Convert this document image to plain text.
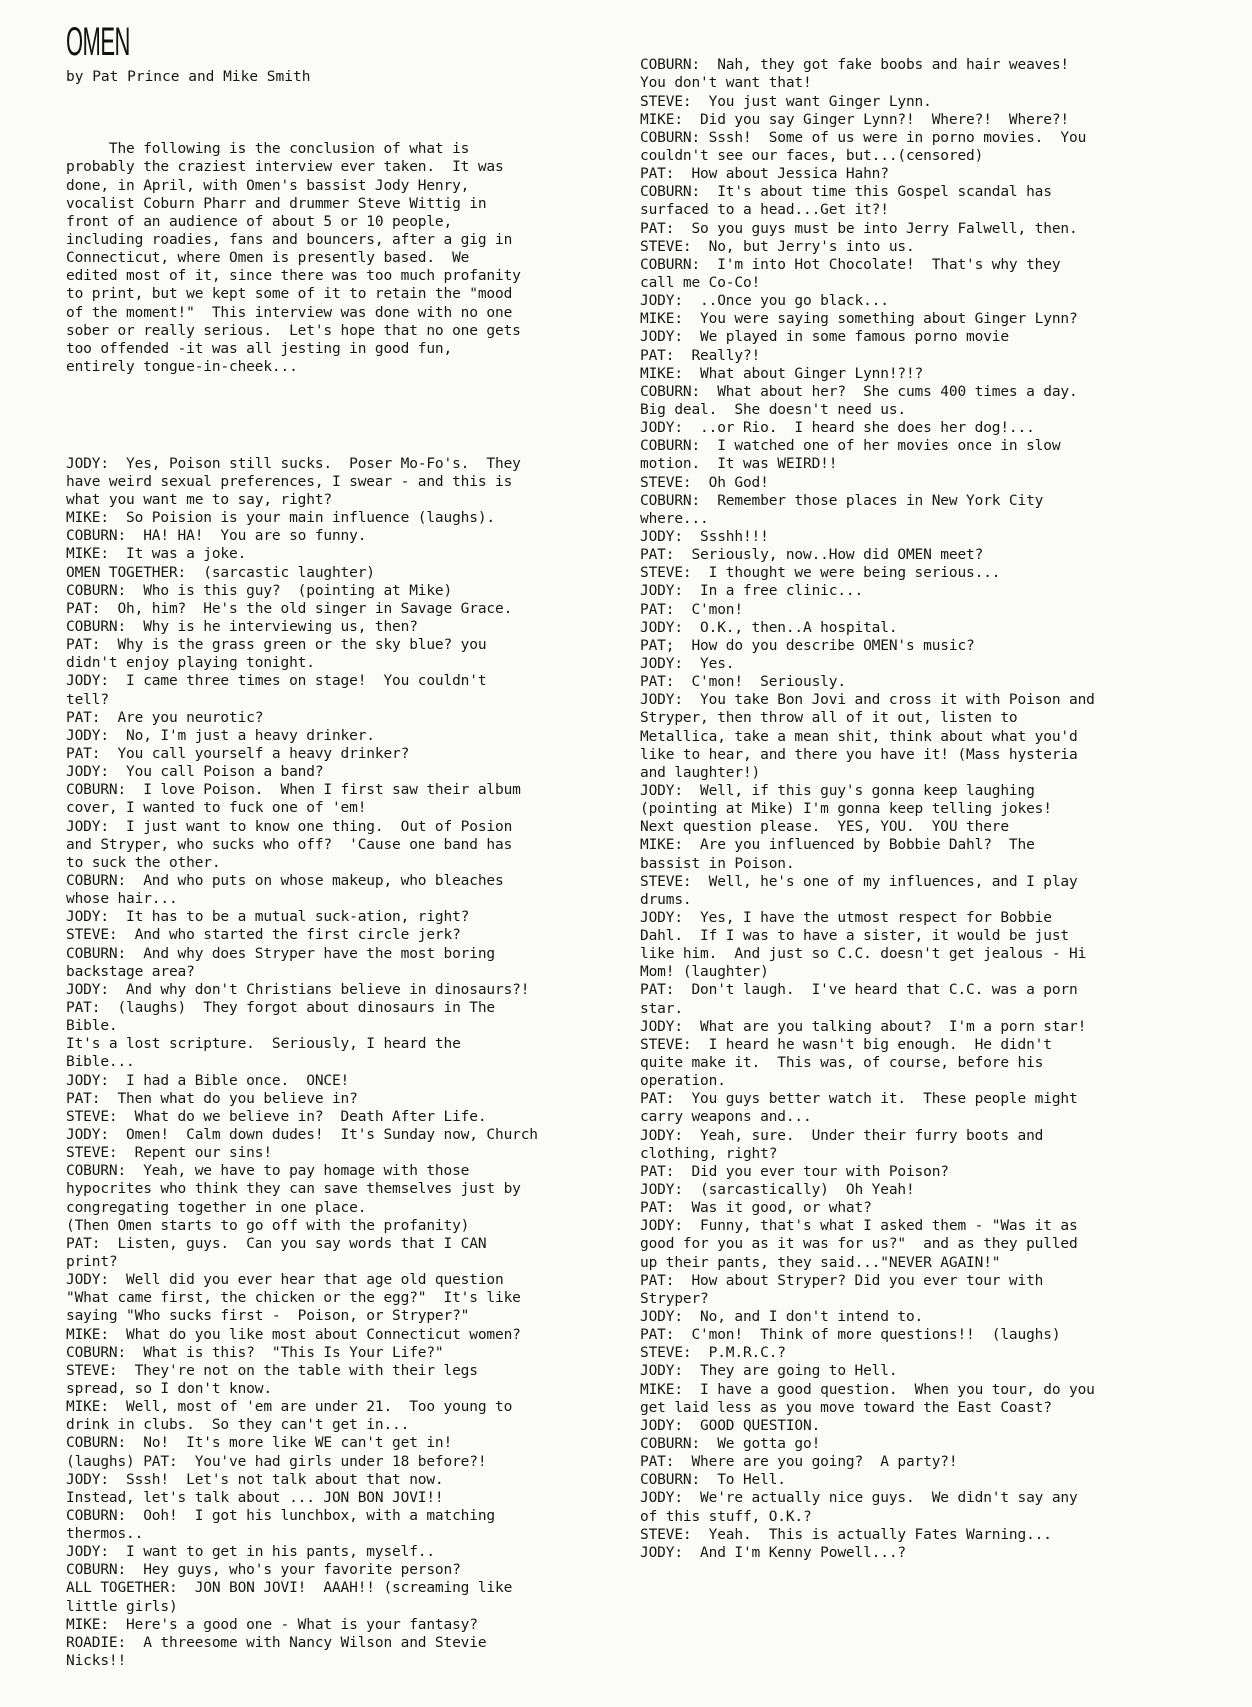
OMEN
by Pat Prince and Mike Smith

The following is the conclusion of what is
probably the craziest interview ever taken.  It was
done, in April, with Omen's bassist Jody Henry,
vocalist Coburn Pharr and drummer Steve Wittig in
front of an audience of about 5 or 10 people,
including roadies, fans and bouncers, after a gig in
Connecticut, where Omen is presently based.  We
edited most of it, since there was too much profanity
to print, but we kept some of it to retain the "mood
of the moment!"  This interview was done with no one
sober or really serious.  Let's hope that no one gets
too offended -it was all jesting in good fun,
entirely tongue-in-cheek...

JODY:  Yes, Poison still sucks.  Poser Mo-Fo's.  They
have weird sexual preferences, I swear - and this is
what you want me to say, right?
MIKE:  So Poision is your main influence (laughs).
COBURN:  HA! HA!  You are so funny.
MIKE:  It was a joke.
OMEN TOGETHER:  (sarcastic laughter)
COBURN:  Who is this guy?  (pointing at Mike)
PAT:  Oh, him?  He's the old singer in Savage Grace.
COBURN:  Why is he interviewing us, then?
PAT:  Why is the grass green or the sky blue? you
didn't enjoy playing tonight.
JODY:  I came three times on stage!  You couldn't
tell?
PAT:  Are you neurotic?
JODY:  No, I'm just a heavy drinker.
PAT:  You call yourself a heavy drinker?
JODY:  You call Poison a band?
COBURN:  I love Poison.  When I first saw their album
cover, I wanted to fuck one of 'em!
JODY:  I just want to know one thing.  Out of Posion
and Stryper, who sucks who off?  'Cause one band has
to suck the other.
COBURN:  And who puts on whose makeup, who bleaches
whose hair...
JODY:  It has to be a mutual suck-ation, right?
STEVE:  And who started the first circle jerk?
COBURN:  And why does Stryper have the most boring
backstage area?
JODY:  And why don't Christians believe in dinosaurs?!
PAT:  (laughs)  They forgot about dinosaurs in The
Bible.
It's a lost scripture.  Seriously, I heard the
Bible...
JODY:  I had a Bible once.  ONCE!
PAT:  Then what do you believe in?
STEVE:  What do we believe in?  Death After Life.
JODY:  Omen!  Calm down dudes!  It's Sunday now, Church
STEVE:  Repent our sins!
COBURN:  Yeah, we have to pay homage with those
hypocrites who think they can save themselves just by
congregating together in one place.
(Then Omen starts to go off with the profanity)
PAT:  Listen, guys.  Can you say words that I CAN
print?
JODY:  Well did you ever hear that age old question
"What came first, the chicken or the egg?"  It's like
saying "Who sucks first -  Poison, or Stryper?"
MIKE:  What do you like most about Connecticut women?
COBURN:  What is this?  "This Is Your Life?"
STEVE:  They're not on the table with their legs
spread, so I don't know.
MIKE:  Well, most of 'em are under 21.  Too young to
drink in clubs.  So they can't get in...
COBURN:  No!  It's more like WE can't get in!
(laughs) PAT:  You've had girls under 18 before?!
JODY:  Sssh!  Let's not talk about that now.
Instead, let's talk about ... JON BON JOVI!!
COBURN:  Ooh!  I got his lunchbox, with a matching
thermos..
JODY:  I want to get in his pants, myself..
COBURN:  Hey guys, who's your favorite person?
ALL TOGETHER:  JON BON JOVI!  AAAH!! (screaming like
little girls)
MIKE:  Here's a good one - What is your fantasy?
ROADIE:  A threesome with Nancy Wilson and Stevie
Nicks!!

COBURN:  Nah, they got fake boobs and hair weaves!
You don't want that!
STEVE:  You just want Ginger Lynn.
MIKE:  Did you say Ginger Lynn?!  Where?!  Where?!
COBURN: Sssh!  Some of us were in porno movies.  You
couldn't see our faces, but...(censored)
PAT:  How about Jessica Hahn?
COBURN:  It's about time this Gospel scandal has
surfaced to a head...Get it?!
PAT:  So you guys must be into Jerry Falwell, then.
STEVE:  No, but Jerry's into us.
COBURN:  I'm into Hot Chocolate!  That's why they
call me Co-Co!
JODY:  ..Once you go black...
MIKE:  You were saying something about Ginger Lynn?
JODY:  We played in some famous porno movie
PAT:  Really?!
MIKE:  What about Ginger Lynn!?!?
COBURN:  What about her?  She cums 400 times a day.
Big deal.  She doesn't need us.
JODY:  ..or Rio.  I heard she does her dog!...
COBURN:  I watched one of her movies once in slow
motion.  It was WEIRD!!
STEVE:  Oh God!
COBURN:  Remember those places in New York City
where...
JODY:  Ssshh!!!
PAT:  Seriously, now..How did OMEN meet?
STEVE:  I thought we were being serious...
JODY:  In a free clinic...
PAT:  C'mon!
JODY:  O.K., then..A hospital.
PAT;  How do you describe OMEN's music?
JODY:  Yes.
PAT:  C'mon!  Seriously.
JODY:  You take Bon Jovi and cross it with Poison and
Stryper, then throw all of it out, listen to
Metallica, take a mean shit, think about what you'd
like to hear, and there you have it! (Mass hysteria
and laughter!)
JODY:  Well, if this guy's gonna keep laughing
(pointing at Mike) I'm gonna keep telling jokes!
Next question please.  YES, YOU.  YOU there
MIKE:  Are you influenced by Bobbie Dahl?  The
bassist in Poison.
STEVE:  Well, he's one of my influences, and I play
drums.
JODY:  Yes, I have the utmost respect for Bobbie
Dahl.  If I was to have a sister, it would be just
like him.  And just so C.C. doesn't get jealous - Hi
Mom! (laughter)
PAT:  Don't laugh.  I've heard that C.C. was a porn
star.
JODY:  What are you talking about?  I'm a porn star!
STEVE:  I heard he wasn't big enough.  He didn't
quite make it.  This was, of course, before his
operation.
PAT:  You guys better watch it.  These people might
carry weapons and...
JODY:  Yeah, sure.  Under their furry boots and
clothing, right?
PAT:  Did you ever tour with Poison?
JODY:  (sarcastically)  Oh Yeah!
PAT:  Was it good, or what?
JODY:  Funny, that's what I asked them - "Was it as
good for you as it was for us?"  and as they pulled
up their pants, they said..."NEVER AGAIN!"
PAT:  How about Stryper? Did you ever tour with
Stryper?
JODY:  No, and I don't intend to.
PAT:  C'mon!  Think of more questions!!  (laughs)
STEVE:  P.M.R.C.?
JODY:  They are going to Hell.
MIKE:  I have a good question.  When you tour, do you
get laid less as you move toward the East Coast?
JODY:  GOOD QUESTION.
COBURN:  We gotta go!
PAT:  Where are you going?  A party?!
COBURN:  To Hell.
JODY:  We're actually nice guys.  We didn't say any
of this stuff, O.K.?
STEVE:  Yeah.  This is actually Fates Warning...
JODY:  And I'm Kenny Powell...?
